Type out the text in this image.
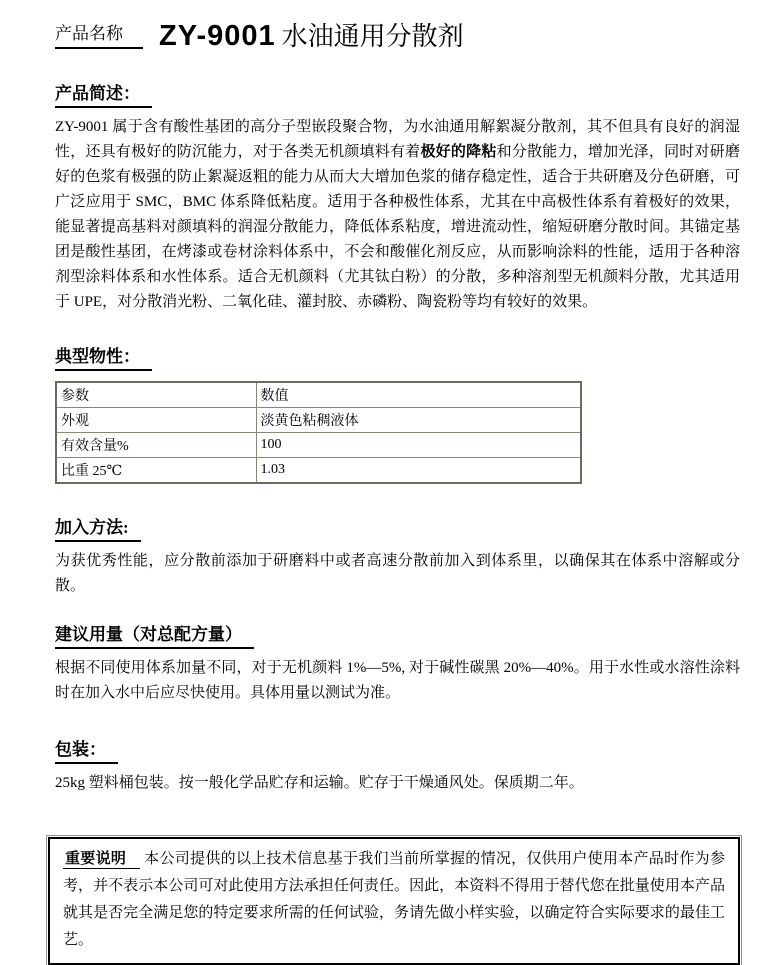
产品名称 ZY-9001 水油通用分散剂
产品简述：

ZY-9001 属于含有酸性基团的高分子型嵌段聚合物，为水油通用解絮凝分散剂，其不但具有良好的润湿性，还具有极好的防沉能力，对于各类无机颜填料有着极好的降粘和分散能力，增加光泽，同时对研磨好的色浆有极强的防止絮凝返粗的能力从而大大增加色浆的储存稳定性，适合于共研磨及分色研磨，可广泛应用于 SMC，BMC 体系降低粘度。适用于各种极性体系，尤其在中高极性体系有着极好的效果，能显著提高基料对颜填料的润湿分散能力，降低体系粘度，增进流动性，缩短研磨分散时间。其锚定基团是酸性基团，在烤漆或卷材涂料体系中，不会和酸催化剂反应，从而影响涂料的性能，适用于各种溶剂型涂料体系和水性体系。适合无机颜料（尤其钛白粉）的分散，多种溶剂型无机颜料分散，尤其适用于 UPE，对分散消光粉、二氧化硅、灌封胶、赤磷粉、陶瓷粉等均有较好的效果。

典型物性：
参数	数值
外观	淡黄色粘稠液体
有效含量%	100
比重 25℃	1.03
加入方法:

为获优秀性能，应分散前添加于研磨料中或者高速分散前加入到体系里，以确保其在体系中溶解或分散。

建议用量（对总配方量）

根据不同使用体系加量不同，对于无机颜料 1%—5%, 对于碱性碳黑 20%—40%。用于水性或水溶性涂料时在加入水中后应尽快使用。具体用量以测试为准。

包装：

25kg 塑料桶包装。按一般化学品贮存和运输。贮存于干燥通风处。保质期二年。

重要说明 本公司提供的以上技术信息基于我们当前所掌握的情况，仅供用户使用本产品时作为参考，并不表示本公司可对此使用方法承担任何责任。因此，本资料不得用于替代您在批量使用本产品就其是否完全满足您的特定要求所需的任何试验，务请先做小样实验，以确定符合实际要求的最佳工艺。
